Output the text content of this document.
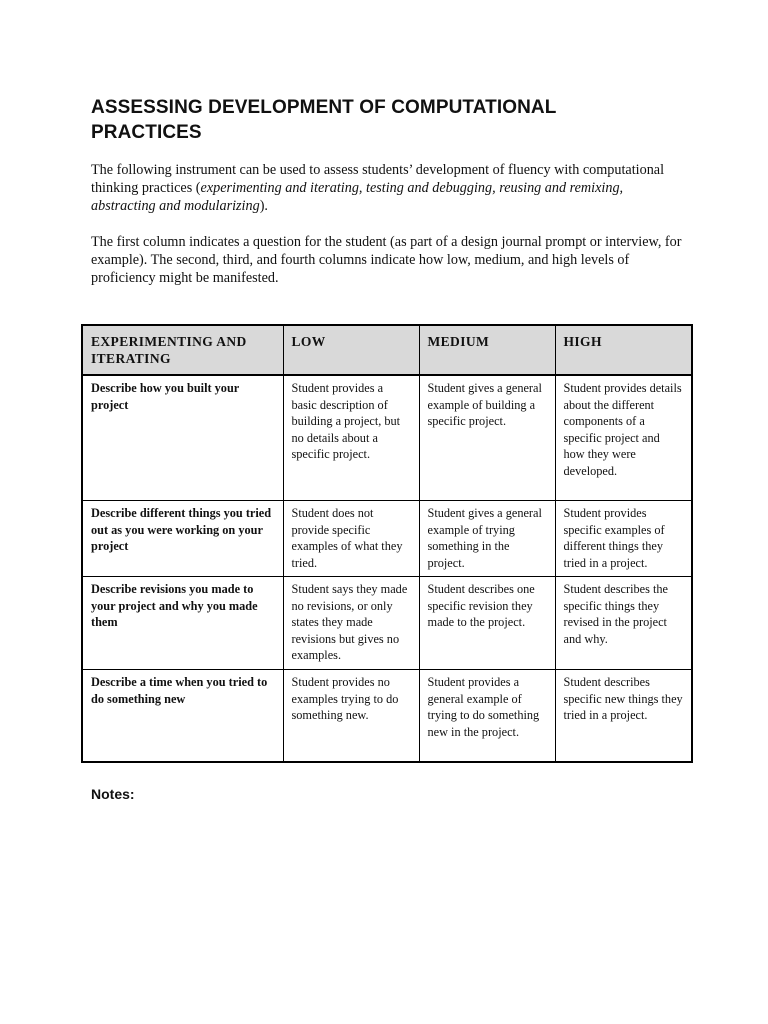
ASSESSING DEVELOPMENT OF COMPUTATIONAL PRACTICES

The following instrument can be used to assess students’ development of fluency with computational thinking practices (experimenting and iterating, testing and debugging, reusing and remixing, abstracting and modularizing).

The first column indicates a question for the student (as part of a design journal prompt or interview, for example). The second, third, and fourth columns indicate how low, medium, and high levels of proficiency might be manifested.

EXPERIMENTING AND ITERATING	LOW	MEDIUM	HIGH
Describe how you built your project	Student provides a basic description of building a project, but no details about a specific project.	Student gives a general example of building a specific project.	Student provides details about the different components of a specific project and how they were developed.
Describe different things you tried out as you were working on your project	Student does not provide specific examples of what they tried.	Student gives a general example of trying something in the project.	Student provides specific examples of different things they tried in a project.
Describe revisions you made to your project and why you made them	Student says they made no revisions, or only states they made revisions but gives no examples.	Student describes one specific revision they made to the project.	Student describes the specific things they revised in the project and why.
Describe a time when you tried to do something new	Student provides no examples trying to do something new.	Student provides a general example of trying to do something new in the project.	Student describes specific new things they tried in a project.

Notes:
